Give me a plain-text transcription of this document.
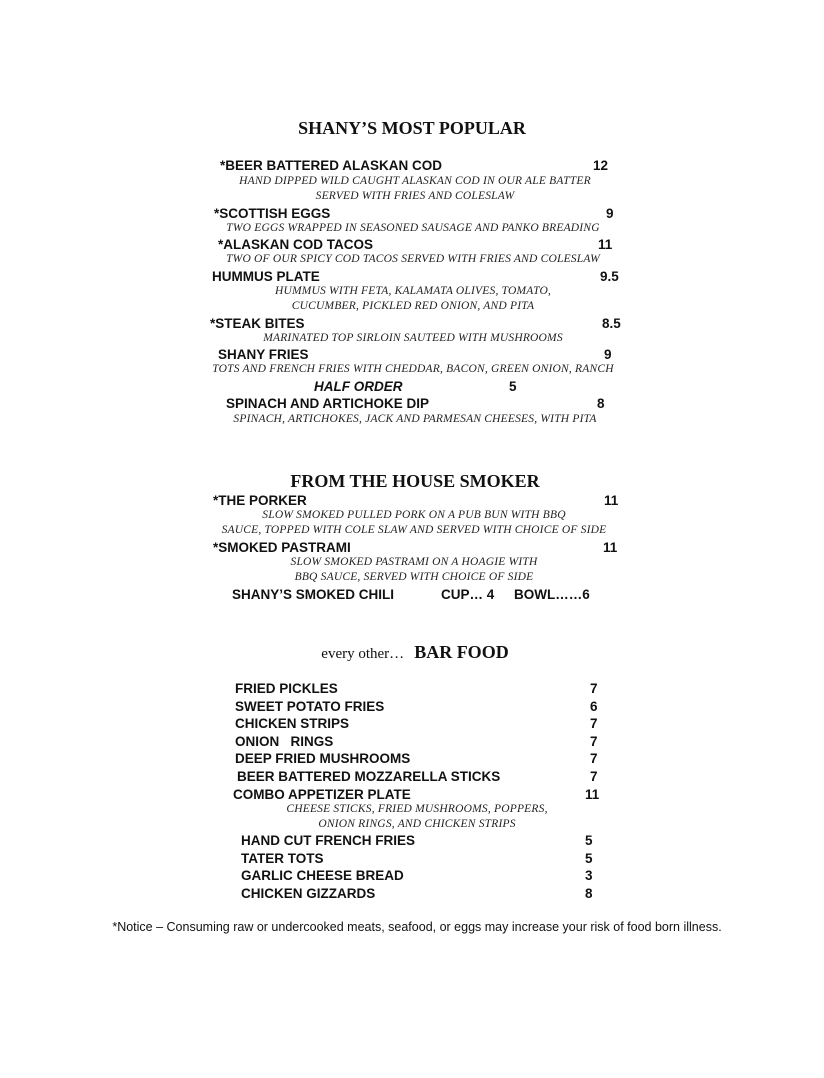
SHANY’S MOST POPULAR
*BEER BATTERED ALASKAN COD	12
HAND DIPPED WILD CAUGHT ALASKAN COD IN OUR ALE BATTER
SERVED WITH FRIES AND COLESLAW
*SCOTTISH EGGS	9
TWO EGGS WRAPPED IN SEASONED SAUSAGE AND PANKO BREADING
*ALASKAN COD TACOS	11
TWO OF OUR SPICY COD TACOS SERVED WITH FRIES AND COLESLAW
HUMMUS PLATE	9.5
HUMMUS WITH FETA, KALAMATA OLIVES, TOMATO,
CUCUMBER, PICKLED RED ONION, AND PITA
*STEAK BITES	8.5
MARINATED TOP SIRLOIN SAUTEED WITH MUSHROOMS
SHANY FRIES	9
TOTS AND FRENCH FRIES WITH CHEDDAR, BACON, GREEN ONION, RANCH
HALF ORDER	5
SPINACH AND ARTICHOKE DIP	8
SPINACH, ARTICHOKES, JACK AND PARMESAN CHEESES, WITH PITA
FROM THE HOUSE SMOKER
*THE PORKER	11
SLOW SMOKED PULLED PORK ON A PUB BUN WITH BBQ
SAUCE, TOPPED WITH COLE SLAW AND SERVED WITH CHOICE OF SIDE
*SMOKED PASTRAMI	11
SLOW SMOKED PASTRAMI ON A HOAGIE WITH
BBQ SAUCE, SERVED WITH CHOICE OF SIDE
SHANY’S SMOKED CHILI	CUP… 4 BOWL……6
every other… BAR FOOD
FRIED PICKLES	7
SWEET POTATO FRIES	6
CHICKEN STRIPS	7
ONION   RINGS	7
DEEP FRIED MUSHROOMS	7
BEER BATTERED MOZZARELLA STICKS	7
COMBO APPETIZER PLATE	11
CHEESE STICKS, FRIED MUSHROOMS, POPPERS,
ONION RINGS, AND CHICKEN STRIPS
HAND CUT FRENCH FRIES	5
TATER TOTS	5
GARLIC CHEESE BREAD	3
CHICKEN GIZZARDS	8
*Notice – Consuming raw or undercooked meats, seafood, or eggs may increase your risk of food born illness.
